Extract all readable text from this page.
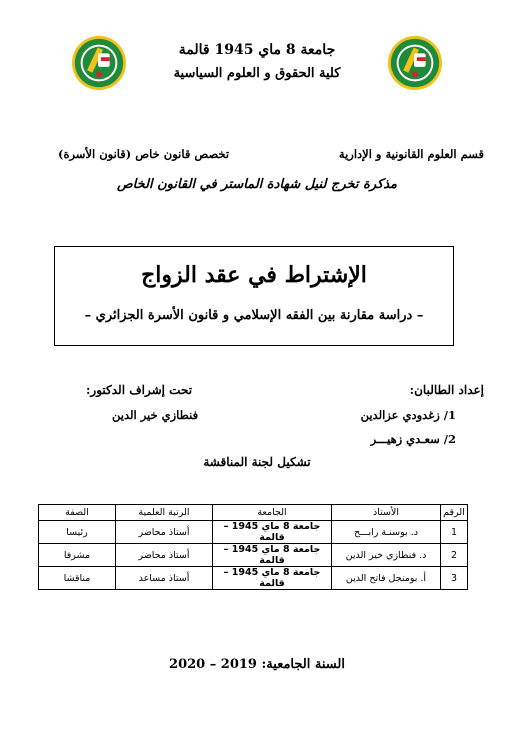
جامعة 8 ماي 1945 قالمة
كلية الحقوق و العلوم السياسية
قسم العلوم القانونية و الإدارية
تخصص قانون خاص (قانون الأسرة)
مذكرة تخرج لنيل شهادة الماستر في القانون الخاص
الإشتراط في عقد الزواج
– دراسة مقارنة بين الفقه الإسلامي و قانون الأسرة الجزائري –
إعداد الطالبان:
تحت إشراف الدكتور:
1/ زغدودي عزالدين
2/ سعـدي زهيـــر
فنطازي خير الدين
تشكيل لجنة المناقشة
الرقم	الأستاذ	الجامعة	الرتبة العلمية	الصفة
1	د. بوسنـة رابـــح	جامعة 8 ماي 1945 – قالمة	أستاذ محاضر	رئيسا
2	د. فنطازي خير الدين	جامعة 8 ماي 1945 – قالمة	أستاذ محاضر	مشرفا
3	أ. بومنجل فاتح الدين	جامعة 8 ماي 1945 – قالمة	أستاذ مساعد	مناقشا
السنة الجامعية: 2019 – 2020
